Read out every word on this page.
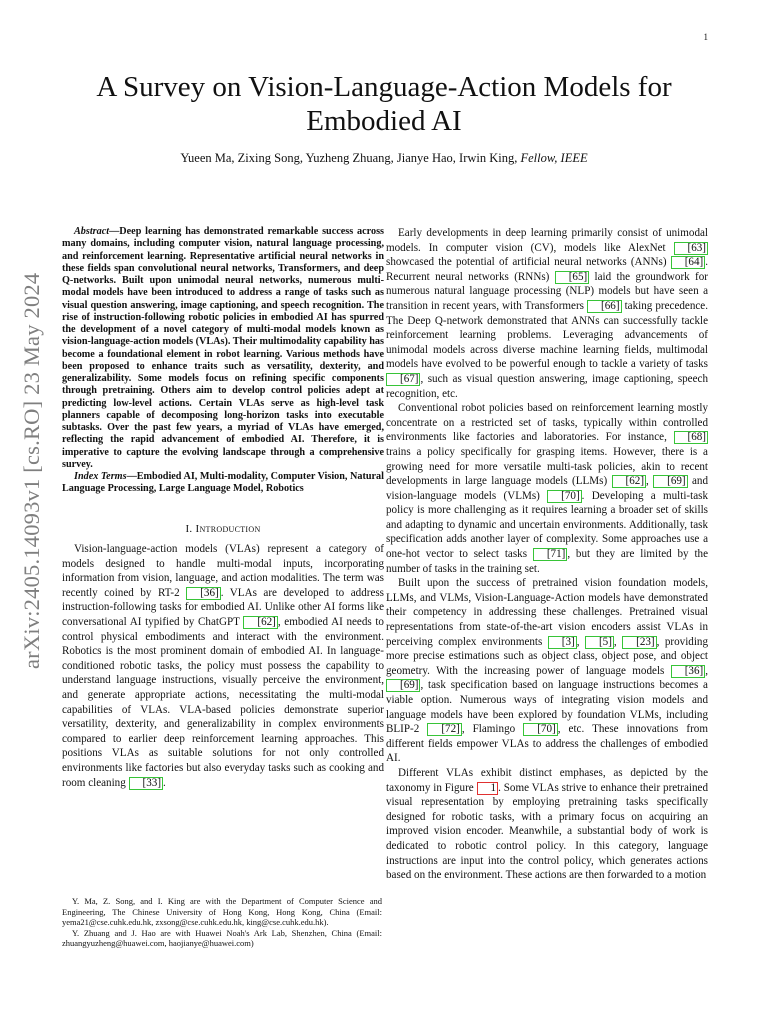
1
arXiv:2405.14093v1 [cs.RO] 23 May 2024
A Survey on Vision-Language-Action Models for
Embodied AI
Yueen Ma, Zixing Song, Yuzheng Zhuang, Jianye Hao, Irwin King, Fellow, IEEE

Abstract—Deep learning has demonstrated remarkable success across many domains, including computer vision, natural language processing, and reinforcement learning. Representative artificial neural networks in these fields span convolutional neural networks, Transformers, and deep Q-networks. Built upon unimodal neural networks, numerous multi-modal models have been introduced to address a range of tasks such as visual question answering, image captioning, and speech recognition. The rise of instruction-following robotic policies in embodied AI has spurred the development of a novel category of multi-modal models known as vision-language-action models (VLAs). Their multimodality capability has become a foundational element in robot learning. Various methods have been proposed to enhance traits such as versatility, dexterity, and generalizability. Some models focus on refining specific components through pretraining. Others aim to develop control policies adept at predicting low-level actions. Certain VLAs serve as high-level task planners capable of decomposing long-horizon tasks into executable subtasks. Over the past few years, a myriad of VLAs have emerged, reflecting the rapid advancement of embodied AI. Therefore, it is imperative to capture the evolving landscape through a comprehensive survey.

Index Terms—Embodied AI, Multi-modality, Computer Vision, Natural Language Processing, Large Language Model, Robotics

I. Introduction

Vision-language-action models (VLAs) represent a category of models designed to handle multi-modal inputs, incorporating information from vision, language, and action modalities. The term was recently coined by RT-2 [36] . VLAs are developed to address instruction-following tasks for embodied AI. Unlike other AI forms like conversational AI typified by ChatGPT [62] , embodied AI needs to control physical embodiments and interact with the environment. Robotics is the most prominent domain of embodied AI. In language-conditioned robotic tasks, the policy must possess the capability to understand language instructions, visually perceive the environment, and generate appropriate actions, necessitating the multi-modal capabilities of VLAs. VLA-based policies demonstrate superior versatility, dexterity, and generalizability in complex environments compared to earlier deep reinforcement learning approaches. This positions VLAs as suitable solutions for not only controlled environments like factories but also everyday tasks such as cooking and room cleaning [33] .

Y. Ma, Z. Song, and I. King are with the Department of Computer Science and Engineering, The Chinese University of Hong Kong, Hong Kong, China (Email: yema21@cse.cuhk.edu.hk, zxsong@cse.cuhk.edu.hk, king@cse.cuhk.edu.hk).

Y. Zhuang and J. Hao are with Huawei Noah's Ark Lab, Shenzhen, China (Email: zhuangyuzheng@huawei.com, haojianye@huawei.com)

Early developments in deep learning primarily consist of unimodal models. In computer vision (CV), models like AlexNet [63] showcased the potential of artificial neural networks (ANNs) [64] . Recurrent neural networks (RNNs) [65] laid the groundwork for numerous natural language processing (NLP) models but have seen a transition in recent years, with Transformers [66] taking precedence. The Deep Q-network demonstrated that ANNs can successfully tackle reinforcement learning problems. Leveraging advancements of unimodal models across diverse machine learning fields, multimodal models have evolved to be powerful enough to tackle a variety of tasks [67] , such as visual question answering, image captioning, speech recognition, etc.

Conventional robot policies based on reinforcement learning mostly concentrate on a restricted set of tasks, typically within controlled environments like factories and laboratories. For instance, [68] trains a policy specifically for grasping items. However, there is a growing need for more versatile multi-task policies, akin to recent developments in large language models (LLMs) [62] , [69] and vision-language models (VLMs) [70] . Developing a multi-task policy is more challenging as it requires learning a broader set of skills and adapting to dynamic and uncertain environments. Additionally, task specification adds another layer of complexity. Some approaches use a one-hot vector to select tasks [71] , but they are limited by the number of tasks in the training set.

Built upon the success of pretrained vision foundation models, LLMs, and VLMs, Vision-Language-Action models have demonstrated their competency in addressing these challenges. Pretrained visual representations from state-of-the-art vision encoders assist VLAs in perceiving complex environments [3] , [5] , [23] , providing more precise estimations such as object class, object pose, and object geometry. With the increasing power of language models [36] , [69] , task specification based on language instructions becomes a viable option. Numerous ways of integrating vision models and language models have been explored by foundation VLMs, including BLIP-2 [72] , Flamingo [70] , etc. These innovations from different fields empower VLAs to address the challenges of embodied AI.

Different VLAs exhibit distinct emphases, as depicted by the taxonomy in Figure 1 . Some VLAs strive to enhance their pretrained visual representation by employing pretraining tasks specifically designed for robotic tasks, with a primary focus on acquiring an improved vision encoder. Meanwhile, a substantial body of work is dedicated to robotic control policy. In this category, language instructions are input into the control policy, which generates actions based on the environment. These actions are then forwarded to a motion
